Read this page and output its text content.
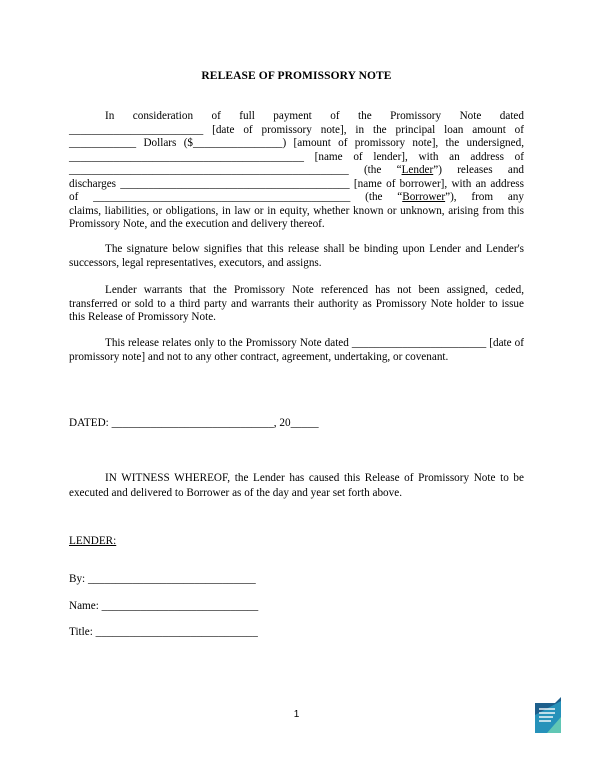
RELEASE OF PROMISSORY NOTE
In consideration of full payment of the Promissory Note dated
________________________ [date of promissory note], in the principal loan amount of
____________ Dollars ($________________) [amount of promissory note], the undersigned,
__________________________________________ [name of lender], with an address of
__________________________________________________ (the “Lender”) releases and
discharges _________________________________________ [name of borrower], with an address
of ______________________________________________ (the “Borrower”), from any
claims, liabilities, or obligations, in law or in equity, whether known or unknown, arising from this
Promissory Note, and the execution and delivery thereof.
The signature below signifies that this release shall be binding upon Lender and Lender's successors, legal representatives, executors, and assigns.
Lender warrants that the Promissory Note referenced has not been assigned, ceded, transferred or sold to a third party and warrants their authority as Promissory Note holder to issue this Release of Promissory Note.
This release relates only to the Promissory Note dated ________________________ [date of promissory note] and not to any other contract, agreement, undertaking, or covenant.
DATED: _____________________________, 20_____
IN WITNESS WHEREOF, the Lender has caused this Release of Promissory Note to be executed and delivered to Borrower as of the day and year set forth above.
LENDER:
By: ______________________________
Name: ____________________________
Title: _____________________________
1
